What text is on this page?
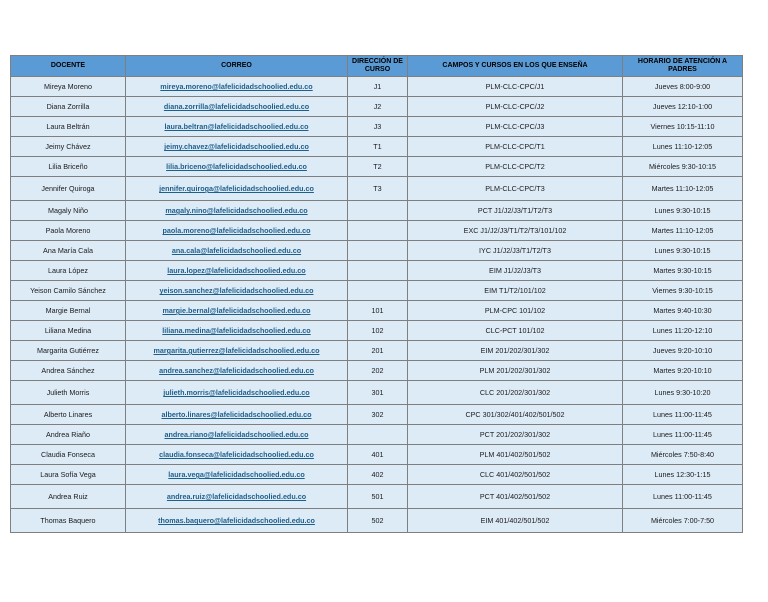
DOCENTE	CORREO	DIRECCIÓN DE CURSO	CAMPOS Y CURSOS EN LOS QUE ENSEÑA	HORARIO DE ATENCIÓN A PADRES
Mireya Moreno	mireya.moreno@lafelicidadschoolied.edu.co	J1	PLM-CLC-CPC/J1	Jueves 8:00-9:00
Diana Zorrilla	diana.zorrilla@lafelicidadschoolied.edu.co	J2	PLM-CLC-CPC/J2	Jueves 12:10-1:00
Laura Beltrán	laura.beltran@lafelicidadschoolied.edu.co	J3	PLM-CLC-CPC/J3	Viernes 10:15-11:10
Jeimy Chávez	jeimy.chavez@lafelicidadschoolied.edu.co	T1	PLM-CLC-CPC/T1	Lunes 11:10-12:05
Lilia Briceño	lilia.briceno@lafelicidadschoolied.edu.co	T2	PLM-CLC-CPC/T2	Miércoles 9:30-10:15
Jennifer Quiroga	jennifer.quiroga@lafelicidadschoolied.edu.co	T3	PLM-CLC-CPC/T3	Martes 11:10-12:05
Magaly Niño	magaly.nino@lafelicidadschoolied.edu.co		PCT J1/J2/J3/T1/T2/T3	Lunes 9:30-10:15
Paola Moreno	paola.moreno@lafelicidadschoolied.edu.co		EXC J1/J2/J3/T1/T2/T3/101/102	Martes 11:10-12:05
Ana María Cala	ana.cala@lafelicidadschoolied.edu.co		IYC J1/J2/J3/T1/T2/T3	Lunes 9:30-10:15
Laura López	laura.lopez@lafelicidadschoolied.edu.co		EIM J1/J2/J3/T3	Martes 9:30-10:15
Yeison Camilo Sánchez	yeison.sanchez@lafelicidadschoolied.edu.co		EIM T1/T2/101/102	Viernes 9:30-10:15
Margie Bernal	margie.bernal@lafelicidadschoolied.edu.co	101	PLM-CPC 101/102	Martes 9:40-10:30
Liliana Medina	liliana.medina@lafelicidadschoolied.edu.co	102	CLC-PCT 101/102	Lunes 11:20-12:10
Margarita Gutiérrez	margarita.gutierrez@lafelicidadschoolied.edu.co	201	EIM 201/202/301/302	Jueves 9:20-10:10
Andrea Sánchez	andrea.sanchez@lafelicidadschoolied.edu.co	202	PLM 201/202/301/302	Martes 9:20-10:10
Julieth Morris	julieth.morris@lafelicidadschoolied.edu.co	301	CLC 201/202/301/302	Lunes 9:30-10:20
Alberto Linares	alberto.linares@lafelicidadschoolied.edu.co	302	CPC 301/302/401/402/501/502	Lunes 11:00-11:45
Andrea Riaño	andrea.riano@lafelicidadschoolied.edu.co		PCT 201/202/301/302	Lunes 11:00-11:45
Claudia Fonseca	claudia.fonseca@lafelicidadschoolied.edu.co	401	PLM 401/402/501/502	Miércoles 7:50-8:40
Laura Sofía Vega	laura.vega@lafelicidadschoolied.edu.co	402	CLC 401/402/501/502	Lunes 12:30-1:15
Andrea Ruiz	andrea.ruiz@lafelicidadschoolied.edu.co	501	PCT 401/402/501/502	Lunes 11:00-11:45
Thomas Baquero	thomas.baquero@lafelicidadschoolied.edu.co	502	EIM 401/402/501/502	Miércoles 7:00-7:50
